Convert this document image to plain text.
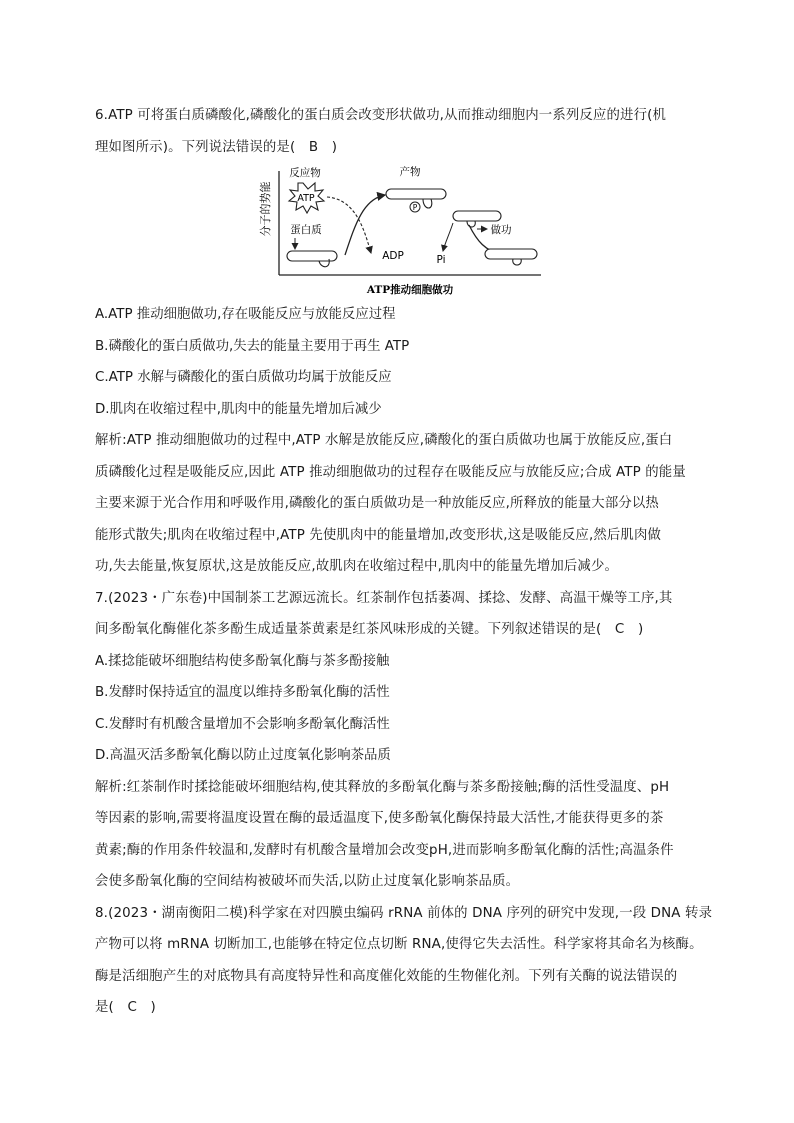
6.ATP 可将蛋白质磷酸化,磷酸化的蛋白质会改变形状做功,从而推动细胞内一系列反应的进行(机
理如图所示)。下列说法错误的是(　B　)
分子的势能	ATP
反应物
蛋白质
ADP
产物
P
Pi
做功
ATP推动细胞做功
A.ATP 推动细胞做功,存在吸能反应与放能反应过程
B.磷酸化的蛋白质做功,失去的能量主要用于再生 ATP
C.ATP 水解与磷酸化的蛋白质做功均属于放能反应
D.肌肉在收缩过程中,肌肉中的能量先增加后减少
解析:ATP 推动细胞做功的过程中,ATP 水解是放能反应,磷酸化的蛋白质做功也属于放能反应,蛋白
质磷酸化过程是吸能反应,因此 ATP 推动细胞做功的过程存在吸能反应与放能反应;合成 ATP 的能量
主要来源于光合作用和呼吸作用,磷酸化的蛋白质做功是一种放能反应,所释放的能量大部分以热
能形式散失;肌肉在收缩过程中,ATP 先使肌肉中的能量增加,改变形状,这是吸能反应,然后肌肉做
功,失去能量,恢复原状,这是放能反应,故肌肉在收缩过程中,肌肉中的能量先增加后减少。
7.(2023・广东卷)中国制茶工艺源远流长。红茶制作包括萎凋、揉捻、发酵、高温干燥等工序,其
间多酚氧化酶催化茶多酚生成适量茶黄素是红茶风味形成的关键。下列叙述错误的是(　C　)
A.揉捻能破坏细胞结构使多酚氧化酶与茶多酚接触
B.发酵时保持适宜的温度以维持多酚氧化酶的活性
C.发酵时有机酸含量增加不会影响多酚氧化酶活性
D.高温灭活多酚氧化酶以防止过度氧化影响茶品质
解析:红茶制作时揉捻能破坏细胞结构,使其释放的多酚氧化酶与茶多酚接触;酶的活性受温度、pH
等因素的影响,需要将温度设置在酶的最适温度下,使多酚氧化酶保持最大活性,才能获得更多的茶
黄素;酶的作用条件较温和,发酵时有机酸含量增加会改变pH,进而影响多酚氧化酶的活性;高温条件
会使多酚氧化酶的空间结构被破坏而失活,以防止过度氧化影响茶品质。
8.(2023・湖南衡阳二模)科学家在对四膜虫编码 rRNA 前体的 DNA 序列的研究中发现,一段 DNA 转录
产物可以将 mRNA 切断加工,也能够在特定位点切断 RNA,使得它失去活性。科学家将其命名为核酶。
酶是活细胞产生的对底物具有高度特异性和高度催化效能的生物催化剂。下列有关酶的说法错误的
是(　C　)
